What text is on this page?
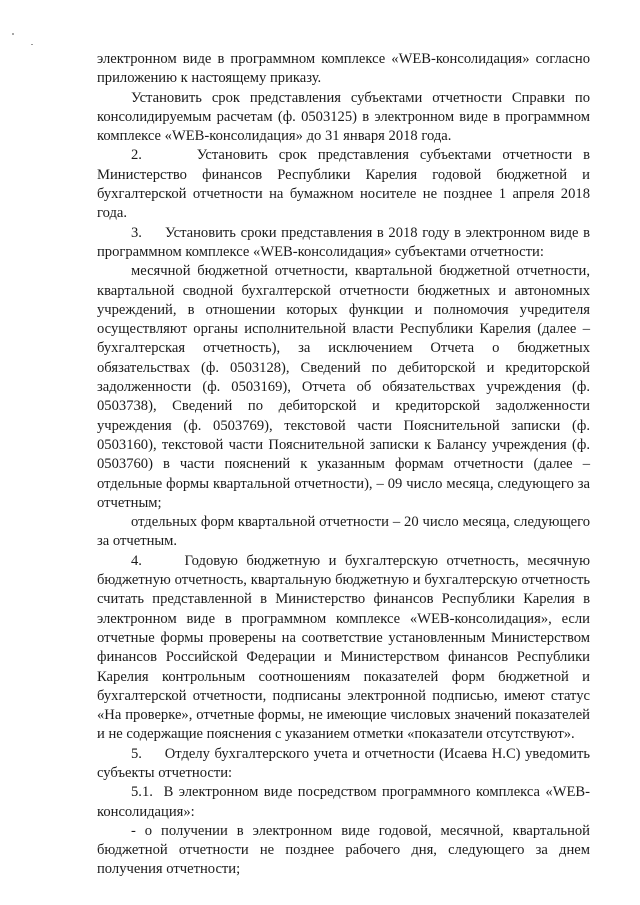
электронном виде в программном комплексе «WEB-консолидация» согласно приложению к настоящему приказу.

Установить срок представления субъектами отчетности Справки по консолидируемым расчетам (ф. 0503125) в электронном виде в программном комплексе «WEB-консолидация» до 31 января 2018 года.

2.     Установить срок представления субъектами отчетности в Министерство финансов Республики Карелия годовой бюджетной и бухгалтерской отчетности на бумажном носителе не позднее 1 апреля 2018 года.

3.     Установить сроки представления в 2018 году в электронном виде в программном комплексе «WEB-консолидация» субъектами отчетности:

месячной бюджетной отчетности, квартальной бюджетной отчетности, квартальной сводной бухгалтерской отчетности бюджетных и автономных учреждений, в отношении которых функции и полномочия учредителя осуществляют органы исполнительной власти Республики Карелия (далее – бухгалтерская отчетность), за исключением Отчета о бюджетных обязательствах (ф. 0503128), Сведений по дебиторской и кредиторской задолженности (ф. 0503169), Отчета об обязательствах учреждения (ф. 0503738), Сведений по дебиторской и кредиторской задолженности учреждения (ф. 0503769), текстовой части Пояснительной записки (ф. 0503160), текстовой части Пояснительной записки к Балансу учреждения (ф. 0503760) в части пояснений к указанным формам отчетности (далее – отдельные формы квартальной отчетности), – 09 число месяца, следующего за отчетным;

отдельных форм квартальной отчетности – 20 число месяца, следующего за отчетным.

4.     Годовую бюджетную и бухгалтерскую отчетность, месячную бюджетную отчетность, квартальную бюджетную и бухгалтерскую отчетность считать представленной в Министерство финансов Республики Карелия в электронном виде в программном комплексе «WEB-консолидация», если отчетные формы проверены на соответствие установленным Министерством финансов Российской Федерации и Министерством финансов Республики Карелия контрольным соотношениям показателей форм бюджетной и бухгалтерской отчетности, подписаны электронной подписью, имеют статус «На проверке», отчетные формы, не имеющие числовых значений показателей и не содержащие пояснения с указанием отметки «показатели отсутствуют».

5.     Отделу бухгалтерского учета и отчетности (Исаева Н.С) уведомить субъекты отчетности:

5.1.  В электронном виде посредством программного комплекса «WEB-консолидация»:

- о получении в электронном виде годовой, месячной, квартальной бюджетной отчетности не позднее рабочего дня, следующего за днем получения отчетности;
